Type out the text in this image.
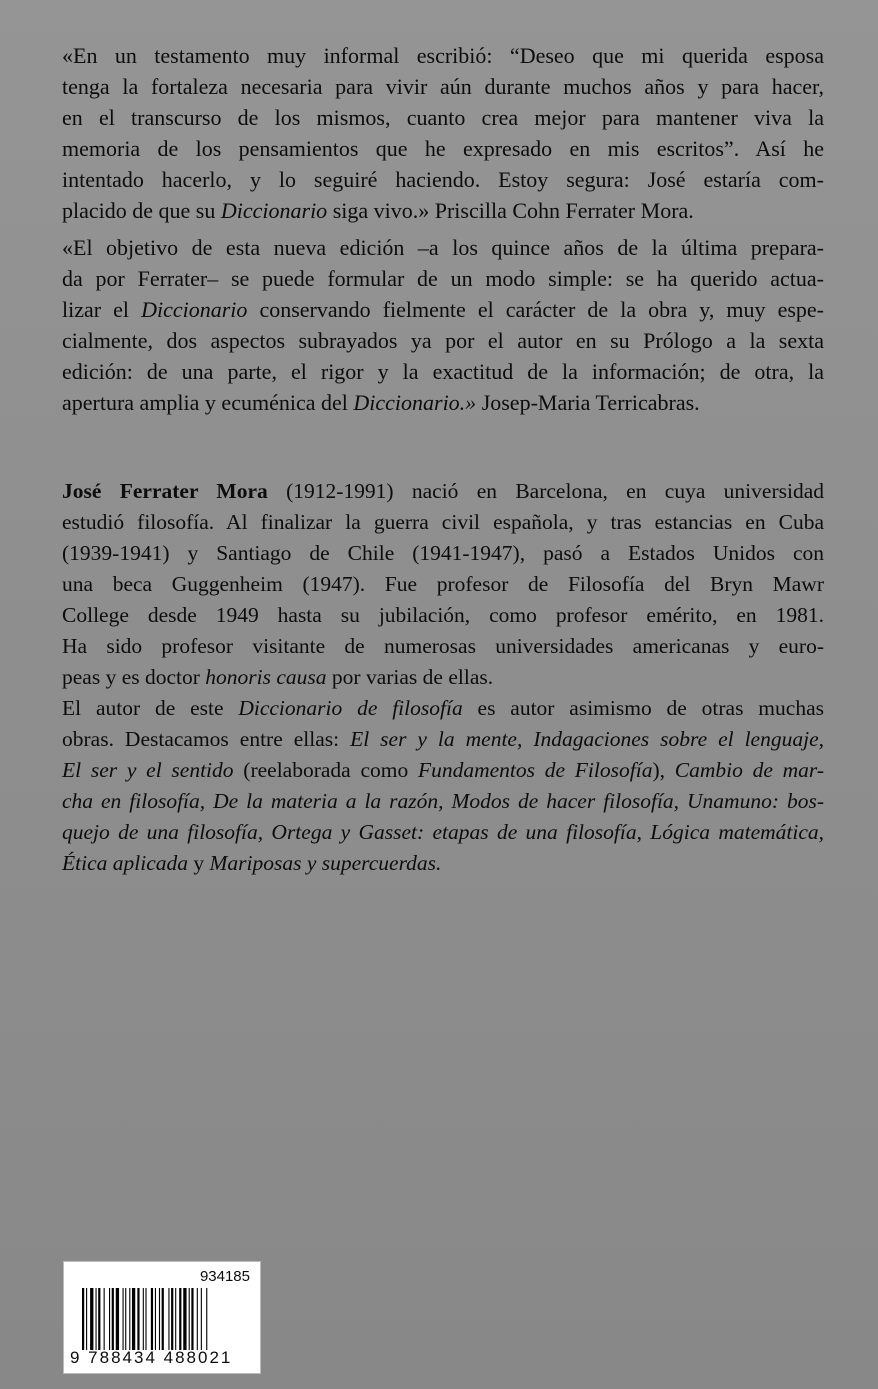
«En un testamento muy informal escribió: “Deseo que mi querida esposa
tenga la fortaleza necesaria para vivir aún durante muchos años y para hacer,
en el transcurso de los mismos, cuanto crea mejor para mantener viva la
memoria de los pensamientos que he expresado en mis escritos”. Así he
intentado hacerlo, y lo seguiré haciendo. Estoy segura: José estaría com-
placido de que su Diccionario siga vivo.» Priscilla Cohn Ferrater Mora.
«El objetivo de esta nueva edición –a los quince años de la última prepara-
da por Ferrater– se puede formular de un modo simple: se ha querido actua-
lizar el Diccionario conservando fielmente el carácter de la obra y, muy espe-
cialmente, dos aspectos subrayados ya por el autor en su Prólogo a la sexta
edición: de una parte, el rigor y la exactitud de la información; de otra, la
apertura amplia y ecuménica del Diccionario.» Josep-Maria Terricabras.
José Ferrater Mora (1912-1991) nació en Barcelona, en cuya universidad
estudió filosofía. Al finalizar la guerra civil española, y tras estancias en Cuba
(1939-1941) y Santiago de Chile (1941-1947), pasó a Estados Unidos con
una beca Guggenheim (1947). Fue profesor de Filosofía del Bryn Mawr
College desde 1949 hasta su jubilación, como profesor emérito, en 1981.
Ha sido profesor visitante de numerosas universidades americanas y euro-
peas y es doctor honoris causa por varias de ellas.
El autor de este Diccionario de filosofía es autor asimismo de otras muchas
obras. Destacamos entre ellas: El ser y la mente, Indagaciones sobre el lenguaje,
El ser y el sentido (reelaborada como Fundamentos de Filosofía), Cambio de mar-
cha en filosofía, De la materia a la razón, Modos de hacer filosofía, Unamuno: bos-
quejo de una filosofía, Ortega y Gasset: etapas de una filosofía, Lógica matemática,
Ética aplicada y Mariposas y supercuerdas.
934185
9 788434 488021
